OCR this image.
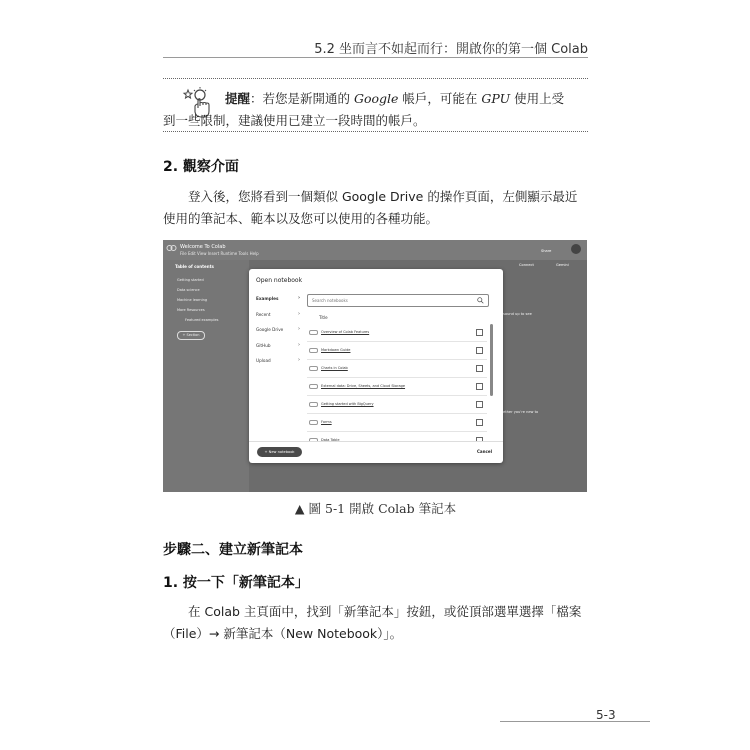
5.2 坐而言不如起而行：開啟你的第一個 Colab
提醒：若您是新開通的 Google 帳戶，可能在 GPU 使用上受到一些限制，建議使用已建立一段時間的帳戶。
2. 觀察介面
登入後，您將看到一個類似 Google Drive 的操作頁面，左側顯示最近使用的筆記本、範本以及您可以使用的各種功能。
Welcome To Colab
File Edit View Insert Runtime Tools Help	Share
Connect	Gemini
Table of contents
Getting started
Data science
Machine learning
More Resources
Featured examples
+ Section
sound up to see
ether you're new to
Open notebook
Examples	›
Recent	›
Google Drive	›
GitHub	›
Upload	›
Search notebooks
Title
Overview of Colab Features
Markdown Guide
Charts in Colab
External data: Drive, Sheets, and Cloud Storage
Getting started with BigQuery
Forms
Data Table
+ New notebook	Cancel
▲ 圖 5-1 開啟 Colab 筆記本
步驟二、建立新筆記本
1. 按一下「新筆記本」
在 Colab 主頁面中，找到「新筆記本」按鈕，或從頂部選單選擇「檔案（File）→ 新筆記本（New Notebook）」。
5-3
